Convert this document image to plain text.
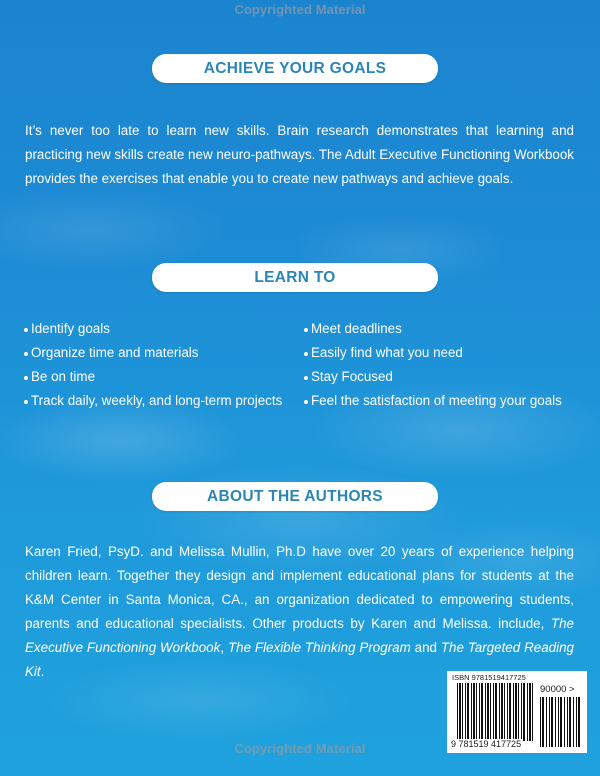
Copyrighted Material
ACHIEVE YOUR GOALS

It’s never too late to learn new skills. Brain research demonstrates that learning and practicing new skills create new neuro-pathways. The Adult Executive Functioning Workbook provides the exercises that enable you to create new pathways and achieve goals.

LEARN TO
Identify goals
Organize time and materials
Be on time
Track daily, weekly, and long-term projects
Meet deadlines
Easily find what you need
Stay Focused
Feel the satisfaction of meeting your goals
ABOUT THE AUTHORS

Karen Fried, PsyD. and Melissa Mullin, Ph.D have over 20 years of experience helping children learn. Together they design and implement educational plans for students at the K&M Center in Santa Monica, CA., an organization dedicated to empowering students, parents and educational specialists. Other products by Karen and Melissa. include, The Executive Functioning Workbook, The Flexible Thinking Program and The Targeted Reading Kit.	ISBN 9781519417725
90000 >
9 781519 417725
Copyrighted Material
